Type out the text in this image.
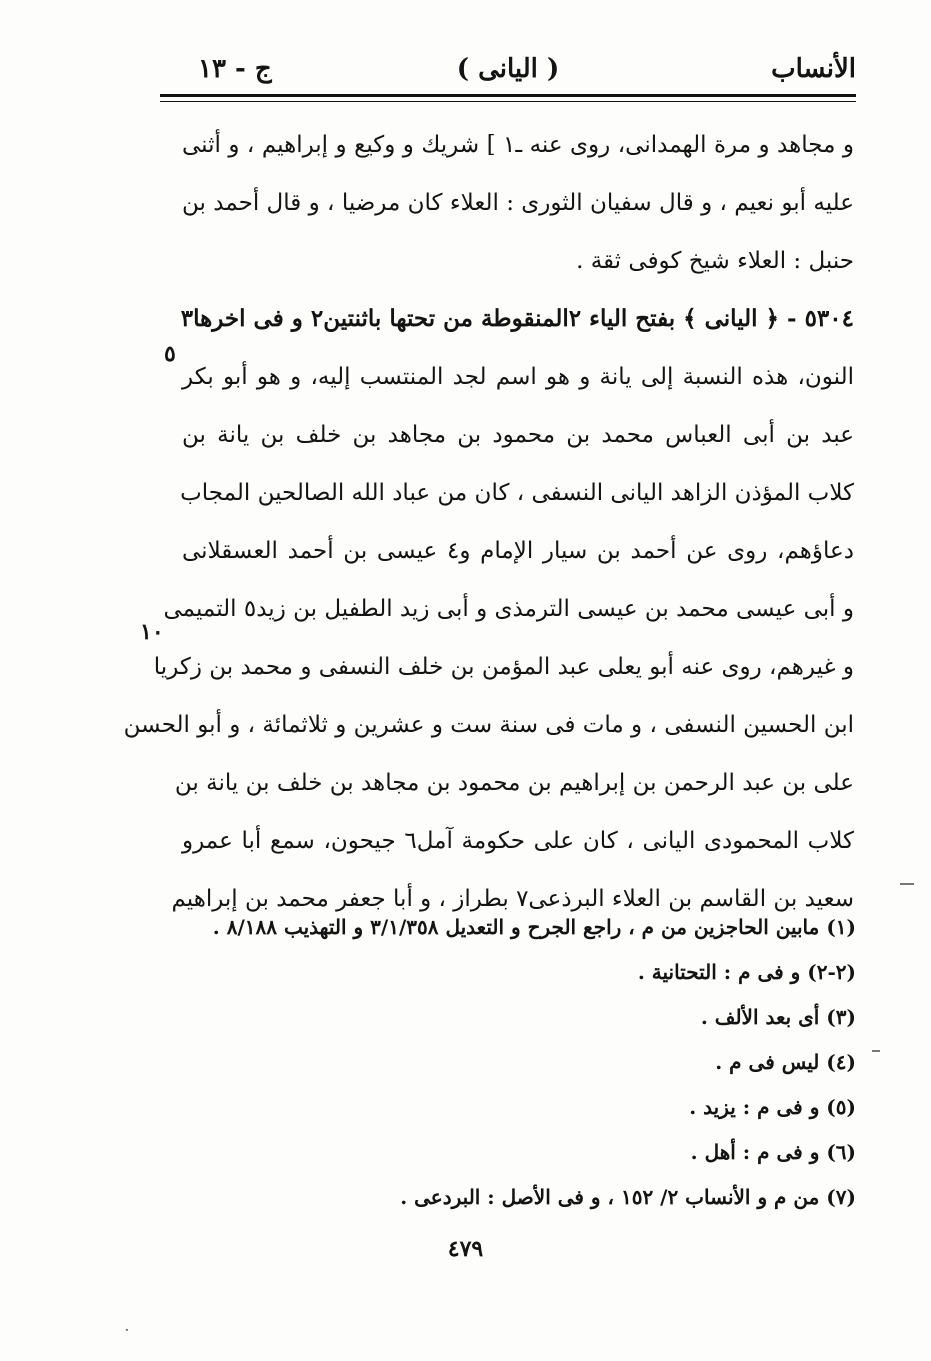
ج - ١٣	( اليانى )	الأنساب
و مجاهد و مرة الهمدانى، روى عنه ـ١ ] شريك و وكيع و إبراهيم ، و أثنى
عليه أبو نعيم ، و قال سفيان الثورى : العلاء كان مرضيا ، و قال أحمد بن
حنبل : العلاء شيخ كوفى ثقة .
٥٣٠٤ - ﴿ اليانى ﴾ بفتح الياء ٢المنقوطة من تحتها باثنتين٢ و فى اخرها٣
النون، هذه النسبة إلى يانة و هو اسم لجد المنتسب إليه، و هو أبو بكر
عبد بن أبى العباس محمد بن محمود بن مجاهد بن خلف بن يانة بن
كلاب المؤذن الزاهد اليانى النسفى ، كان من عباد الله الصالحين المجاب
دعاؤهم، روى عن أحمد بن سيار الإمام و٤ عيسى بن أحمد العسقلانى
و أبى عيسى محمد بن عيسى الترمذى و أبى زيد الطفيل بن زيد٥ التميمى
و غيرهم، روى عنه أبو يعلى عبد المؤمن بن خلف النسفى و محمد بن زكريا
ابن الحسين النسفى ، و مات فى سنة ست و عشرين و ثلاثمائة ، و أبو الحسن
على بن عبد الرحمن بن إبراهيم بن محمود بن مجاهد بن خلف بن يانة بن
كلاب المحمودى اليانى ، كان على حكومة آمل٦ جيحون، سمع أبا عمرو
سعيد بن القاسم بن العلاء البرذعى٧ بطراز ، و أبا جعفر محمد بن إبراهيم
٥
١٠
·
(١) مابين الحاجزين من م ، راجع الجرح و التعديل ٣/١/٣٥٨ و التهذيب ٨/١٨٨ .
(٢-٢) و فى م : التحتانية .
(٣) أى بعد الألف .
(٤) ليس فى م .
(٥) و فى م : يزيد .
(٦) و فى م : أهل .
(٧) من م و الأنساب ٢/ ١٥٢ ، و فى الأصل : البردعى .
٤٧٩
